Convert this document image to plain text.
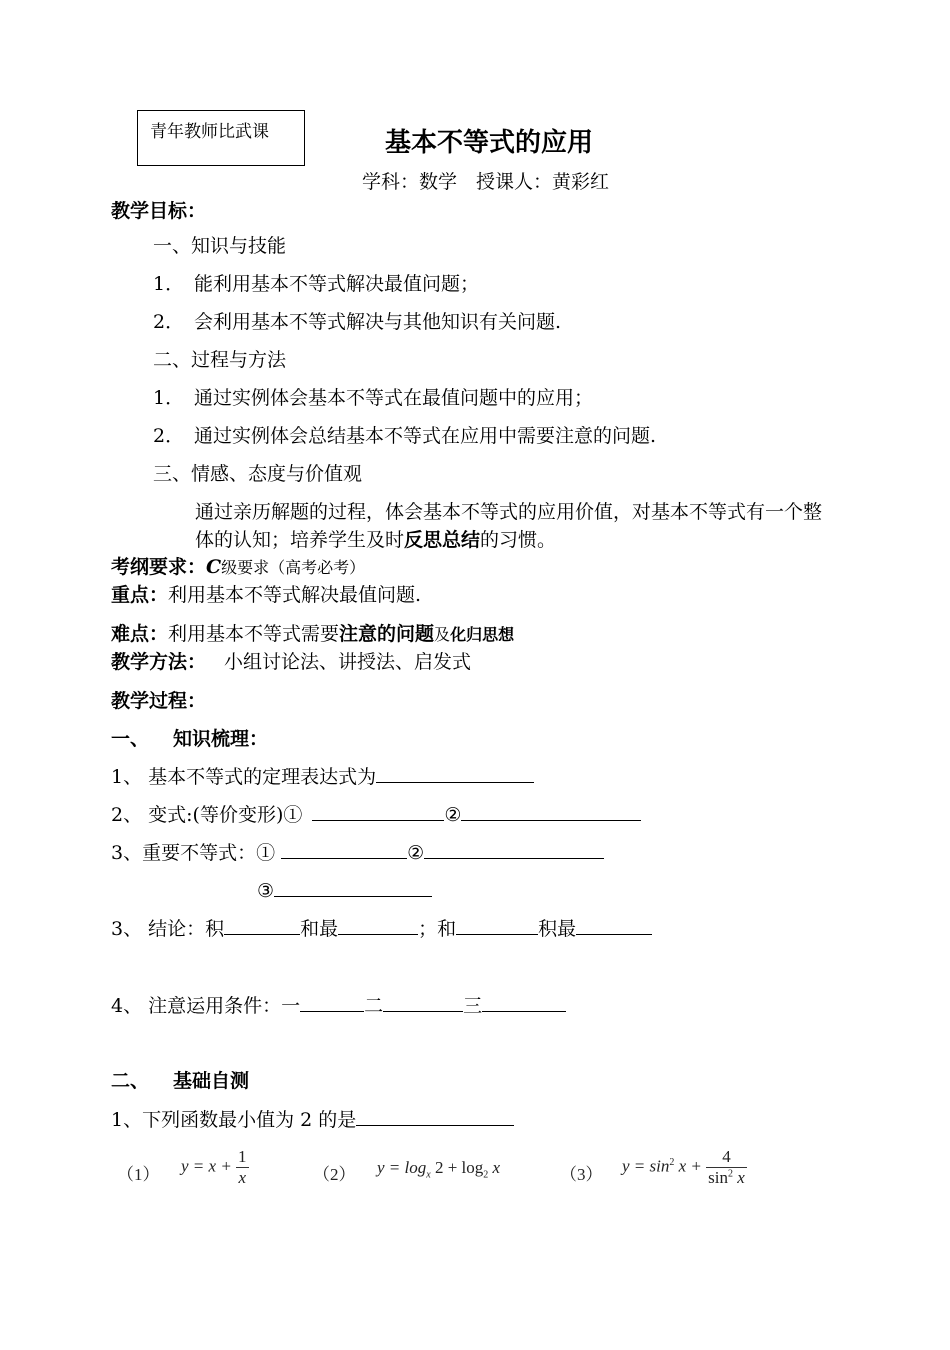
青年教师比武课	基本不等式的应用
学科：数学　授课人：黄彩红
教学目标：
一、知识与技能
1． 能利用基本不等式解决最值问题；
2． 会利用基本不等式解决与其他知识有关问题.
二、过程与方法
1． 通过实例体会基本不等式在最值问题中的应用；
2． 通过实例体会总结基本不等式在应用中需要注意的问题.
三、情感、态度与价值观
通过亲历解题的过程，体会基本不等式的应用价值，对基本不等式有一个整
体的认知；培养学生及时反思总结的习惯。
考纲要求：C级要求（高考必考）
重点：利用基本不等式解决最值问题.
难点：利用基本不等式需要注意的问题及化归思想
教学方法： 小组讨论法、讲授法、启发式
教学过程：
一、 知识梳理：
1、 基本不等式的定理表达式为
2、 变式:(等价变形)①	②
3、重要不等式：①	②
③
3、 结论：积	和最	；和	积最
4、 注意运用条件：一	二	三
二、 基础自测
1、下列函数最小值为 2 的是
（1） $y = x + \frac{1}{x}$	（2） $y = \log_x 2 + \log_2 x$	（3） $y = \sin^2 x + \frac{4}{\sin^2 x}$
